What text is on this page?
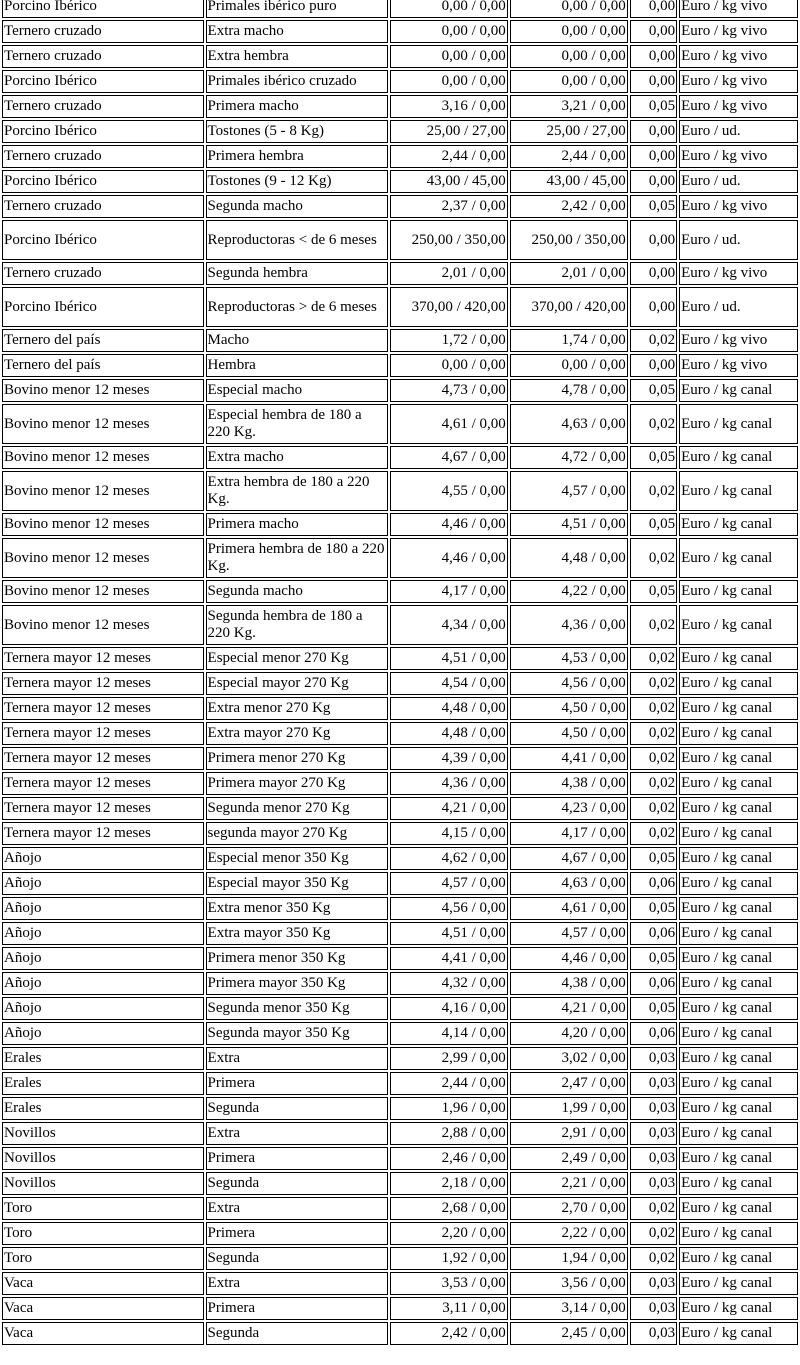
Porcino Ibérico	Primales ibérico puro	0,00 / 0,00	0,00 / 0,00	0,00	Euro / kg vivo
Ternero cruzado	Extra macho	0,00 / 0,00	0,00 / 0,00	0,00	Euro / kg vivo
Ternero cruzado	Extra hembra	0,00 / 0,00	0,00 / 0,00	0,00	Euro / kg vivo
Porcino Ibérico	Primales ibérico cruzado	0,00 / 0,00	0,00 / 0,00	0,00	Euro / kg vivo
Ternero cruzado	Primera macho	3,16 / 0,00	3,21 / 0,00	0,05	Euro / kg vivo
Porcino Ibérico	Tostones (5 - 8 Kg)	25,00 / 27,00	25,00 / 27,00	0,00	Euro / ud.
Ternero cruzado	Primera hembra	2,44 / 0,00	2,44 / 0,00	0,00	Euro / kg vivo
Porcino Ibérico	Tostones (9 - 12 Kg)	43,00 / 45,00	43,00 / 45,00	0,00	Euro / ud.
Ternero cruzado	Segunda macho	2,37 / 0,00	2,42 / 0,00	0,05	Euro / kg vivo
Porcino Ibérico	Reproductoras < de 6 meses	250,00 / 350,00	250,00 / 350,00	0,00	Euro / ud.
Ternero cruzado	Segunda hembra	2,01 / 0,00	2,01 / 0,00	0,00	Euro / kg vivo
Porcino Ibérico	Reproductoras > de 6 meses	370,00 / 420,00	370,00 / 420,00	0,00	Euro / ud.
Ternero del país	Macho	1,72 / 0,00	1,74 / 0,00	0,02	Euro / kg vivo
Ternero del país	Hembra	0,00 / 0,00	0,00 / 0,00	0,00	Euro / kg vivo
Bovino menor 12 meses	Especial macho	4,73 / 0,00	4,78 / 0,00	0,05	Euro / kg canal
Bovino menor 12 meses	Especial hembra de 180 a 220 Kg.	4,61 / 0,00	4,63 / 0,00	0,02	Euro / kg canal
Bovino menor 12 meses	Extra macho	4,67 / 0,00	4,72 / 0,00	0,05	Euro / kg canal
Bovino menor 12 meses	Extra hembra de 180 a 220 Kg.	4,55 / 0,00	4,57 / 0,00	0,02	Euro / kg canal
Bovino menor 12 meses	Primera macho	4,46 / 0,00	4,51 / 0,00	0,05	Euro / kg canal
Bovino menor 12 meses	Primera hembra de 180 a 220 Kg.	4,46 / 0,00	4,48 / 0,00	0,02	Euro / kg canal
Bovino menor 12 meses	Segunda macho	4,17 / 0,00	4,22 / 0,00	0,05	Euro / kg canal
Bovino menor 12 meses	Segunda hembra de 180 a 220 Kg.	4,34 / 0,00	4,36 / 0,00	0,02	Euro / kg canal
Ternera mayor 12 meses	Especial menor 270 Kg	4,51 / 0,00	4,53 / 0,00	0,02	Euro / kg canal
Ternera mayor 12 meses	Especial mayor 270 Kg	4,54 / 0,00	4,56 / 0,00	0,02	Euro / kg canal
Ternera mayor 12 meses	Extra menor 270 Kg	4,48 / 0,00	4,50 / 0,00	0,02	Euro / kg canal
Ternera mayor 12 meses	Extra mayor 270 Kg	4,48 / 0,00	4,50 / 0,00	0,02	Euro / kg canal
Ternera mayor 12 meses	Primera menor 270 Kg	4,39 / 0,00	4,41 / 0,00	0,02	Euro / kg canal
Ternera mayor 12 meses	Primera mayor 270 Kg	4,36 / 0,00	4,38 / 0,00	0,02	Euro / kg canal
Ternera mayor 12 meses	Segunda menor 270 Kg	4,21 / 0,00	4,23 / 0,00	0,02	Euro / kg canal
Ternera mayor 12 meses	segunda mayor 270 Kg	4,15 / 0,00	4,17 / 0,00	0,02	Euro / kg canal
Añojo	Especial menor 350 Kg	4,62 / 0,00	4,67 / 0,00	0,05	Euro / kg canal
Añojo	Especial mayor 350 Kg	4,57 / 0,00	4,63 / 0,00	0,06	Euro / kg canal
Añojo	Extra menor 350 Kg	4,56 / 0,00	4,61 / 0,00	0,05	Euro / kg canal
Añojo	Extra mayor 350 Kg	4,51 / 0,00	4,57 / 0,00	0,06	Euro / kg canal
Añojo	Primera menor 350 Kg	4,41 / 0,00	4,46 / 0,00	0,05	Euro / kg canal
Añojo	Primera mayor 350 Kg	4,32 / 0,00	4,38 / 0,00	0,06	Euro / kg canal
Añojo	Segunda menor 350 Kg	4,16 / 0,00	4,21 / 0,00	0,05	Euro / kg canal
Añojo	Segunda mayor 350 Kg	4,14 / 0,00	4,20 / 0,00	0,06	Euro / kg canal
Erales	Extra	2,99 / 0,00	3,02 / 0,00	0,03	Euro / kg canal
Erales	Primera	2,44 / 0,00	2,47 / 0,00	0,03	Euro / kg canal
Erales	Segunda	1,96 / 0,00	1,99 / 0,00	0,03	Euro / kg canal
Novillos	Extra	2,88 / 0,00	2,91 / 0,00	0,03	Euro / kg canal
Novillos	Primera	2,46 / 0,00	2,49 / 0,00	0,03	Euro / kg canal
Novillos	Segunda	2,18 / 0,00	2,21 / 0,00	0,03	Euro / kg canal
Toro	Extra	2,68 / 0,00	2,70 / 0,00	0,02	Euro / kg canal
Toro	Primera	2,20 / 0,00	2,22 / 0,00	0,02	Euro / kg canal
Toro	Segunda	1,92 / 0,00	1,94 / 0,00	0,02	Euro / kg canal
Vaca	Extra	3,53 / 0,00	3,56 / 0,00	0,03	Euro / kg canal
Vaca	Primera	3,11 / 0,00	3,14 / 0,00	0,03	Euro / kg canal
Vaca	Segunda	2,42 / 0,00	2,45 / 0,00	0,03	Euro / kg canal
